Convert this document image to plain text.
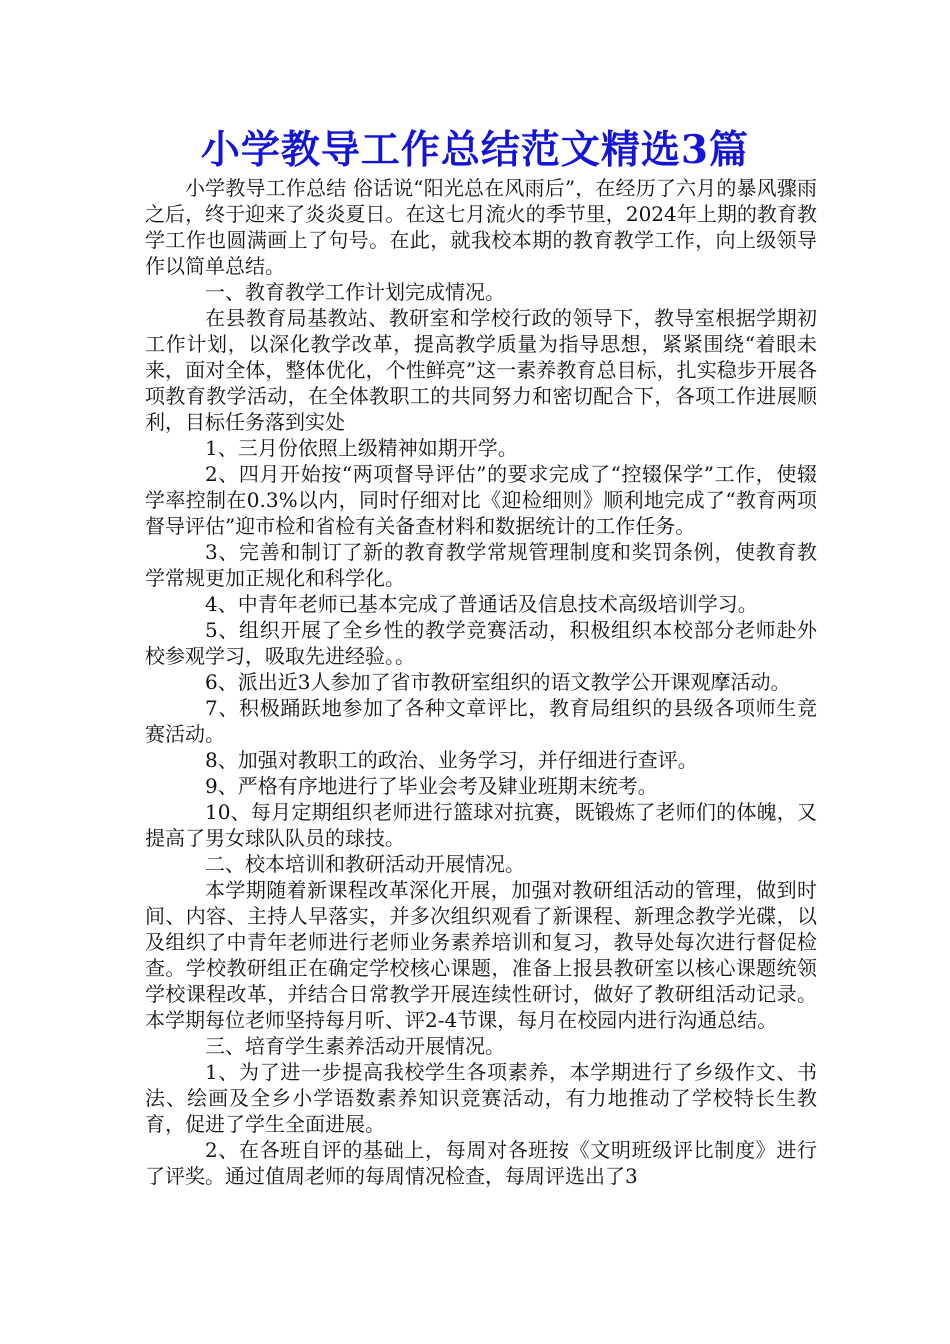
小学教导工作总结范文精选3篇

小学教导工作总结 俗话说“阳光总在风雨后”，在经历了六月的暴风骤雨之后，终于迎来了炎炎夏日。在这七月流火的季节里，2024年上期的教育教学工作也圆满画上了句号。在此，就我校本期的教育教学工作，向上级领导作以简单总结。

一、教育教学工作计划完成情况。

在县教育局基教站、教研室和学校行政的领导下，教导室根据学期初工作计划，以深化教学改革，提高教学质量为指导思想，紧紧围绕“着眼未来，面对全体，整体优化，个性鲜亮”这一素养教育总目标，扎实稳步开展各项教育教学活动，在全体教职工的共同努力和密切配合下，各项工作进展顺利，目标任务落到实处

1、三月份依照上级精神如期开学。

2、四月开始按“两项督导评估”的要求完成了“控辍保学”工作，使辍学率控制在0.3%以内，同时仔细对比《迎检细则》顺利地完成了“教育两项督导评估”迎市检和省检有关备查材料和数据统计的工作任务。

3、完善和制订了新的教育教学常规管理制度和奖罚条例，使教育教学常规更加正规化和科学化。

4、中青年老师已基本完成了普通话及信息技术高级培训学习。

5、组织开展了全乡性的教学竞赛活动，积极组织本校部分老师赴外校参观学习，吸取先进经验。。

6、派出近3人参加了省市教研室组织的语文教学公开课观摩活动。

7、积极踊跃地参加了各种文章评比，教育局组织的县级各项师生竞赛活动。

8、加强对教职工的政治、业务学习，并仔细进行查评。

9、严格有序地进行了毕业会考及肄业班期末统考。

10、每月定期组织老师进行篮球对抗赛，既锻炼了老师们的体魄，又提高了男女球队队员的球技。

二、校本培训和教研活动开展情况。

本学期随着新课程改革深化开展，加强对教研组活动的管理，做到时间、内容、主持人早落实，并多次组织观看了新课程、新理念教学光碟，以及组织了中青年老师进行老师业务素养培训和复习，教导处每次进行督促检查。学校教研组正在确定学校核心课题，准备上报县教研室以核心课题统领学校课程改革，并结合日常教学开展连续性研讨，做好了教研组活动记录。本学期每位老师坚持每月听、评2-4节课，每月在校园内进行沟通总结。

三、培育学生素养活动开展情况。

1、为了进一步提高我校学生各项素养，本学期进行了乡级作文、书法、绘画及全乡小学语数素养知识竞赛活动，有力地推动了学校特长生教育，促进了学生全面进展。

2、在各班自评的基础上，每周对各班按《文明班级评比制度》进行了评奖。通过值周老师的每周情况检查，每周评选出了3
